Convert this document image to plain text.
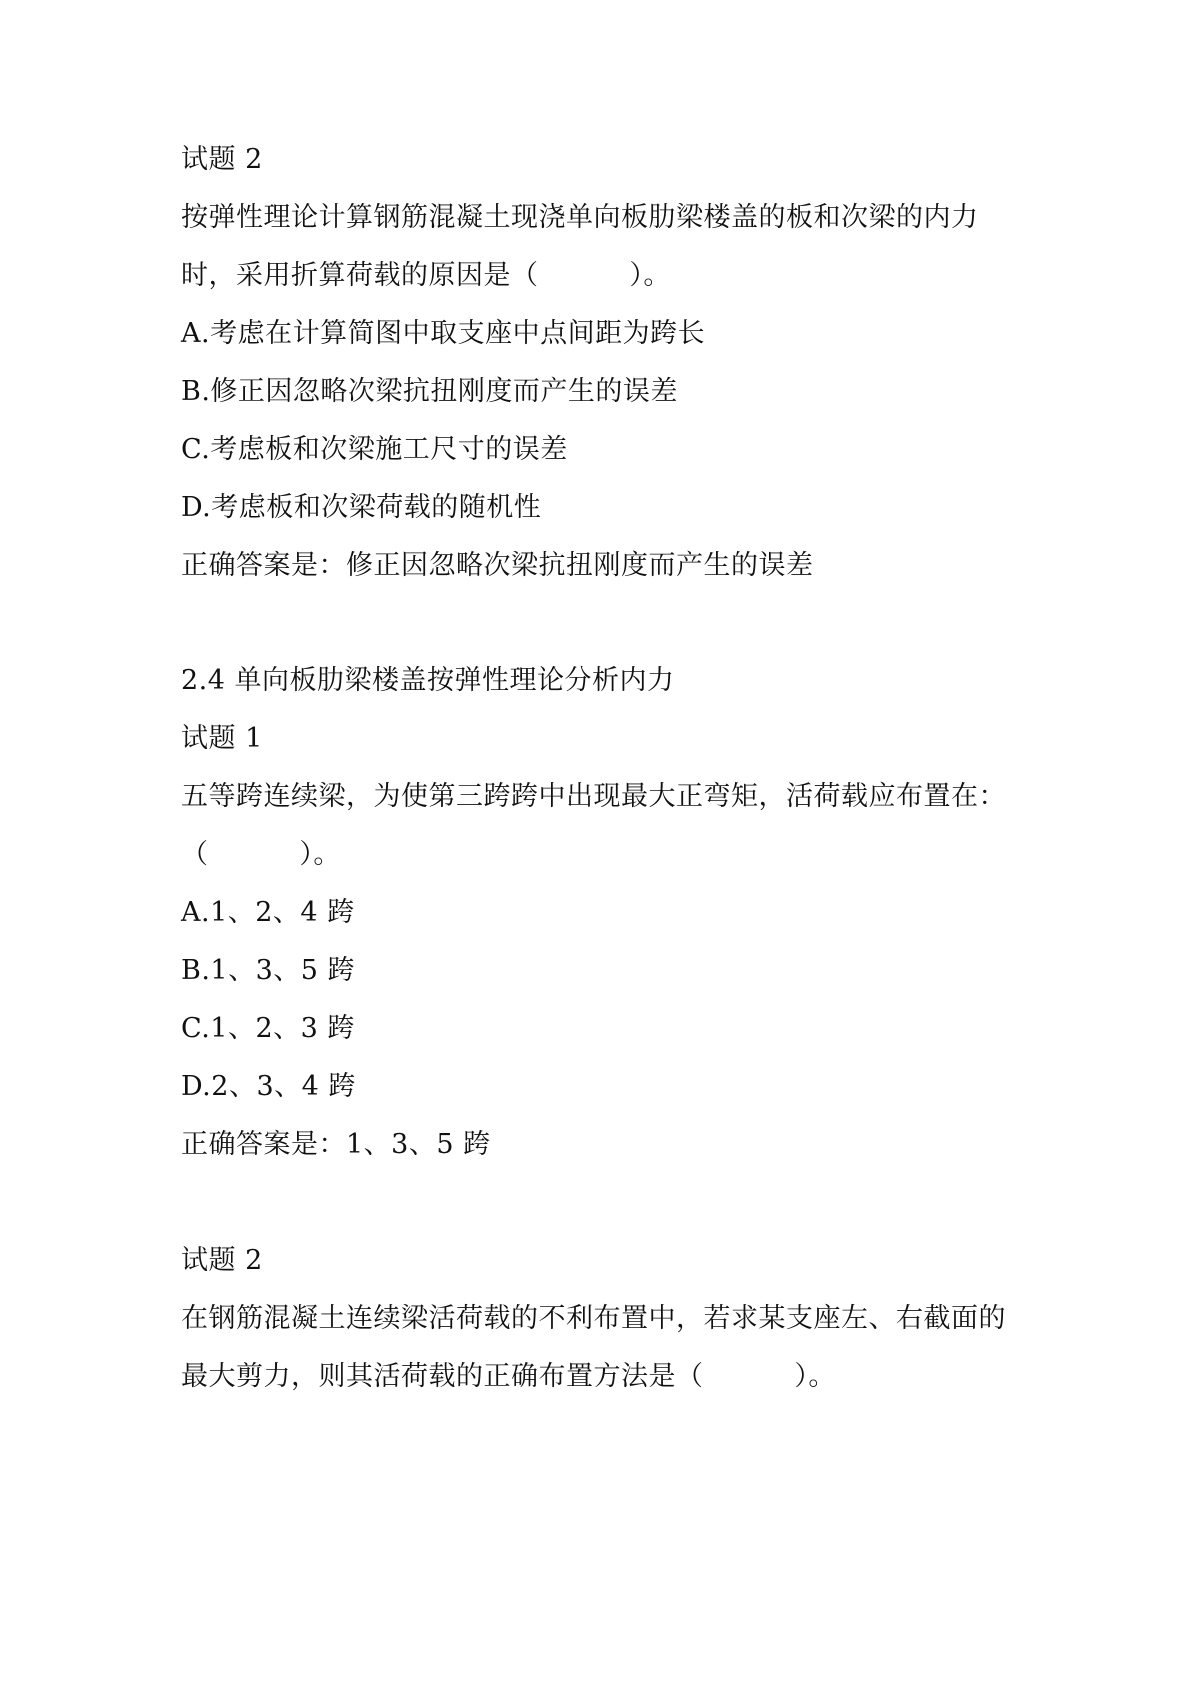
试题 2
按弹性理论计算钢筋混凝土现浇单向板肋梁楼盖的板和次梁的内力
时，采用折算荷载的原因是（          ）。
A.考虑在计算简图中取支座中点间距为跨长
B.修正因忽略次梁抗扭刚度而产生的误差
C.考虑板和次梁施工尺寸的误差
D.考虑板和次梁荷载的随机性
正确答案是：修正因忽略次梁抗扭刚度而产生的误差
2.4 单向板肋梁楼盖按弹性理论分析内力
试题 1
五等跨连续梁，为使第三跨跨中出现最大正弯矩，活荷载应布置在：
（          ）。
A.1、2、4 跨
B.1、3、5 跨
C.1、2、3 跨
D.2、3、4 跨
正确答案是：1、3、5 跨
试题 2
在钢筋混凝土连续梁活荷载的不利布置中，若求某支座左、右截面的
最大剪力，则其活荷载的正确布置方法是（          ）。
